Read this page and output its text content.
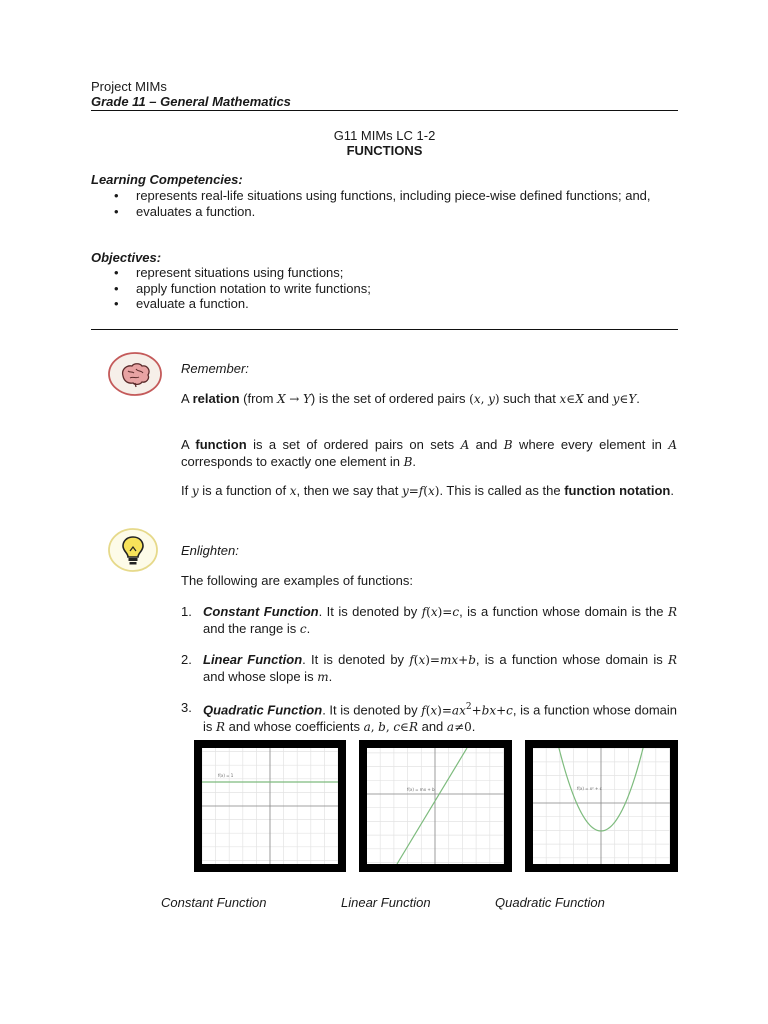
Project MIMs
Grade 11 – General Mathematics
G11 MIMs LC 1-2
FUNCTIONS
Learning Competencies:
• represents real-life situations using functions, including piece-wise defined functions; and,
• evaluates a function.
Objectives:
• represent situations using functions;
• apply function notation to write functions;
• evaluate a function.
Remember:
A relation (from X → Y) is the set of ordered pairs (x, y) such that x∈X and y∈Y.
A function is a set of ordered pairs on sets A and B where every element in A corresponds to exactly one element in B.
If y is a function of x, then we say that y=f(x). This is called as the function notation.
Enlighten:
The following are examples of functions:
1. Constant Function. It is denoted by f(x)=c, is a function whose domain is the R and the range is c.
2. Linear Function. It is denoted by f(x)=mx+b, is a function whose domain is R and whose slope is m.
3. Quadratic Function. It is denoted by $f(x)=ax^2+bx+c$, is a function whose domain is R and whose coefficients a, b, c∈R and a≠0.
f(x) = 1
f(x) = mx + b	f(x) = x² + c
Constant Function	Linear Function	Quadratic Function
